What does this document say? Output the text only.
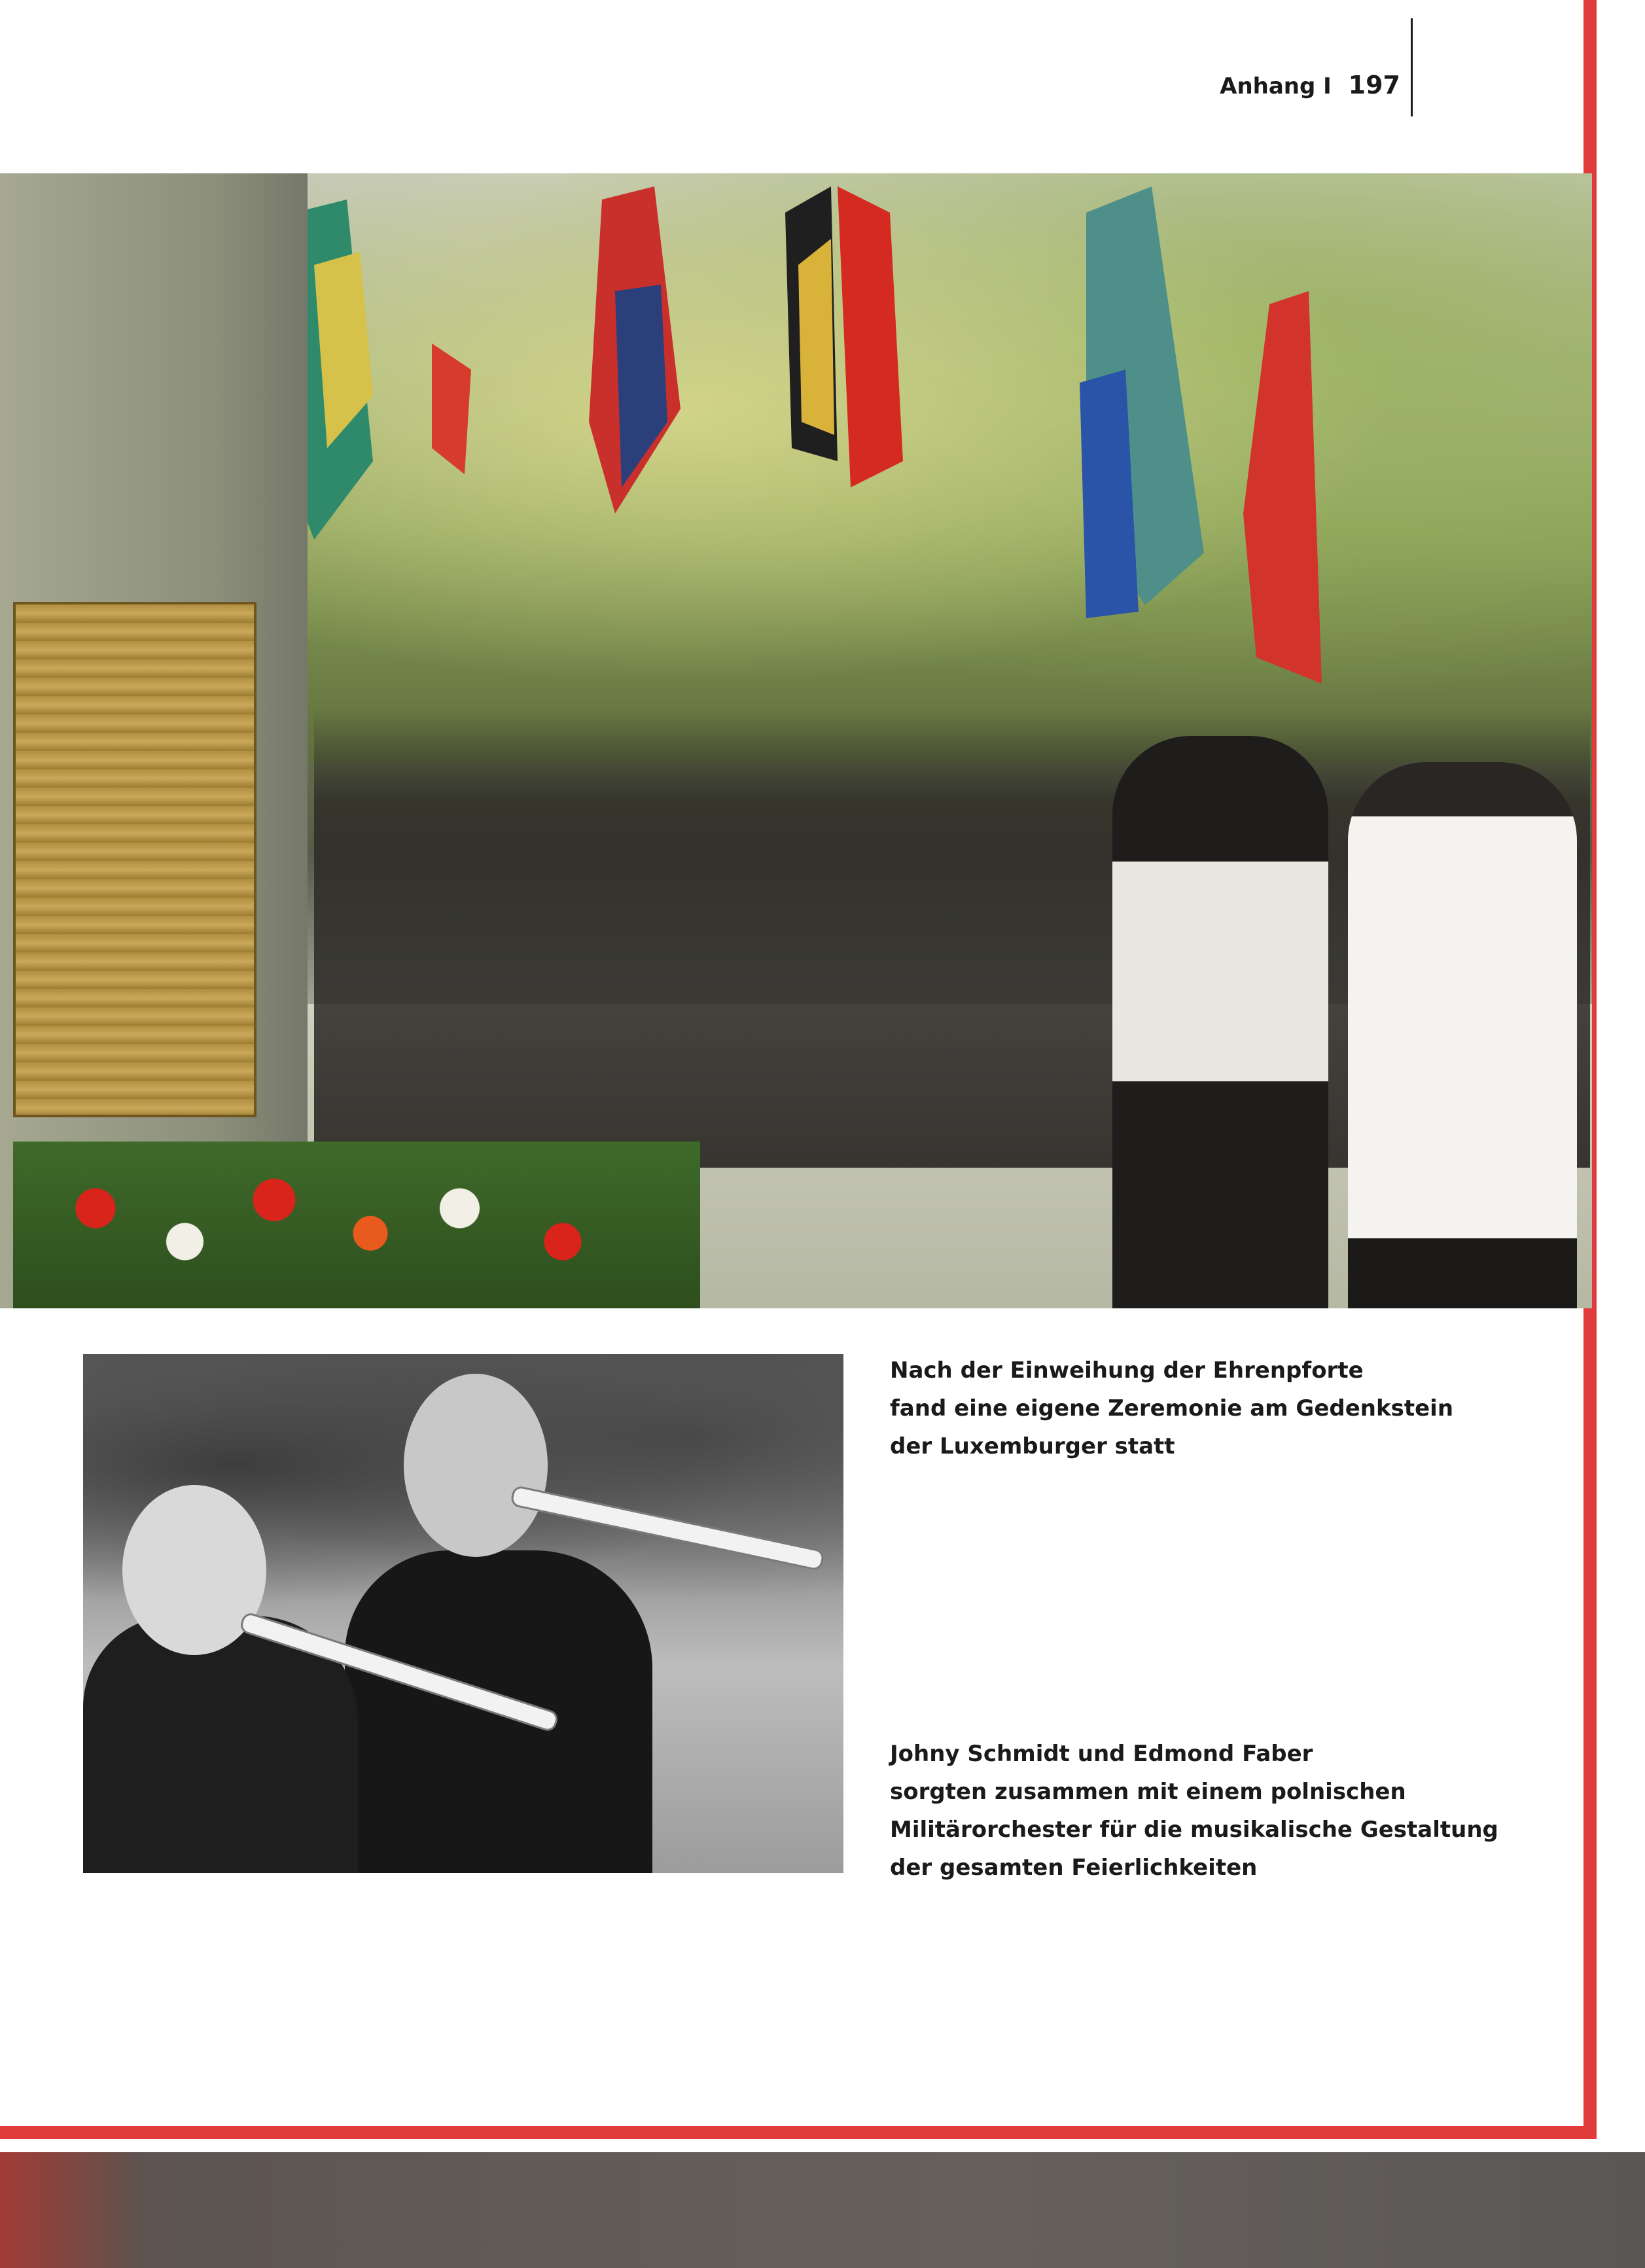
Anhang I 197
Nach der Einweihung der Ehrenpforte
fand eine eigene Zeremonie am Gedenkstein
der Luxemburger statt
Johny Schmidt und Edmond Faber
sorgten zusammen mit einem polnischen
Militärorchester für die musikalische Gestaltung
der gesamten Feierlichkeiten
